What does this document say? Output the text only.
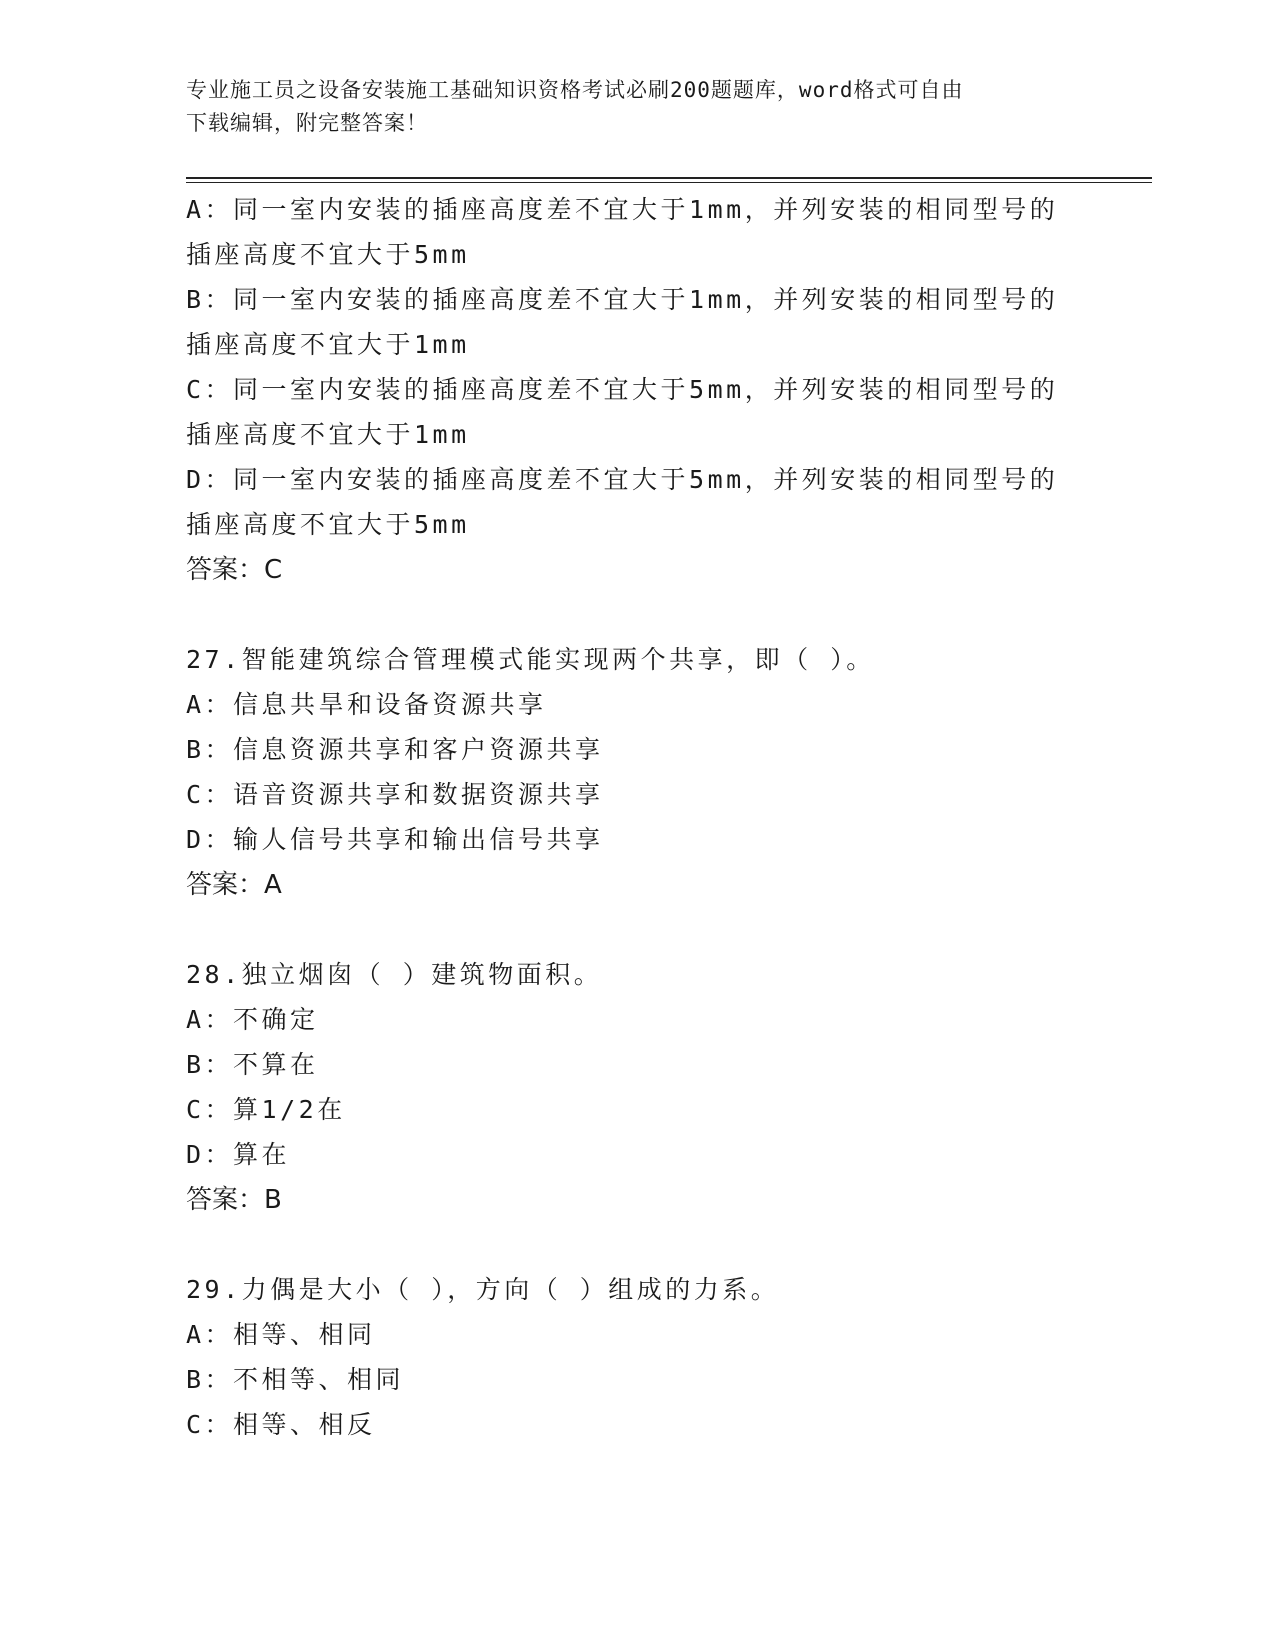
专业施工员之设备安装施工基础知识资格考试必刷200题题库，word格式可自由
下载编辑，附完整答案！
A：同一室内安装的插座高度差不宜大于1mm，并列安装的相同型号的
插座高度不宜大于5mm
B：同一室内安装的插座高度差不宜大于1mm，并列安装的相同型号的
插座高度不宜大于1mm
C：同一室内安装的插座高度差不宜大于5mm，并列安装的相同型号的
插座高度不宜大于1mm
D：同一室内安装的插座高度差不宜大于5mm，并列安装的相同型号的
插座高度不宜大于5mm
答案：C
27.智能建筑综合管理模式能实现两个共享，即（ ）。
A：信息共旱和设备资源共享
B：信息资源共享和客户资源共享
C：语音资源共享和数据资源共享
D：输人信号共享和输出信号共享
答案：A
28.独立烟囱（ ）建筑物面积。
A：不确定
B：不算在
C：算1/2在
D：算在
答案：B
29.力偶是大小（ ），方向（ ）组成的力系。
A：相等、相同
B：不相等、相同
C：相等、相反
